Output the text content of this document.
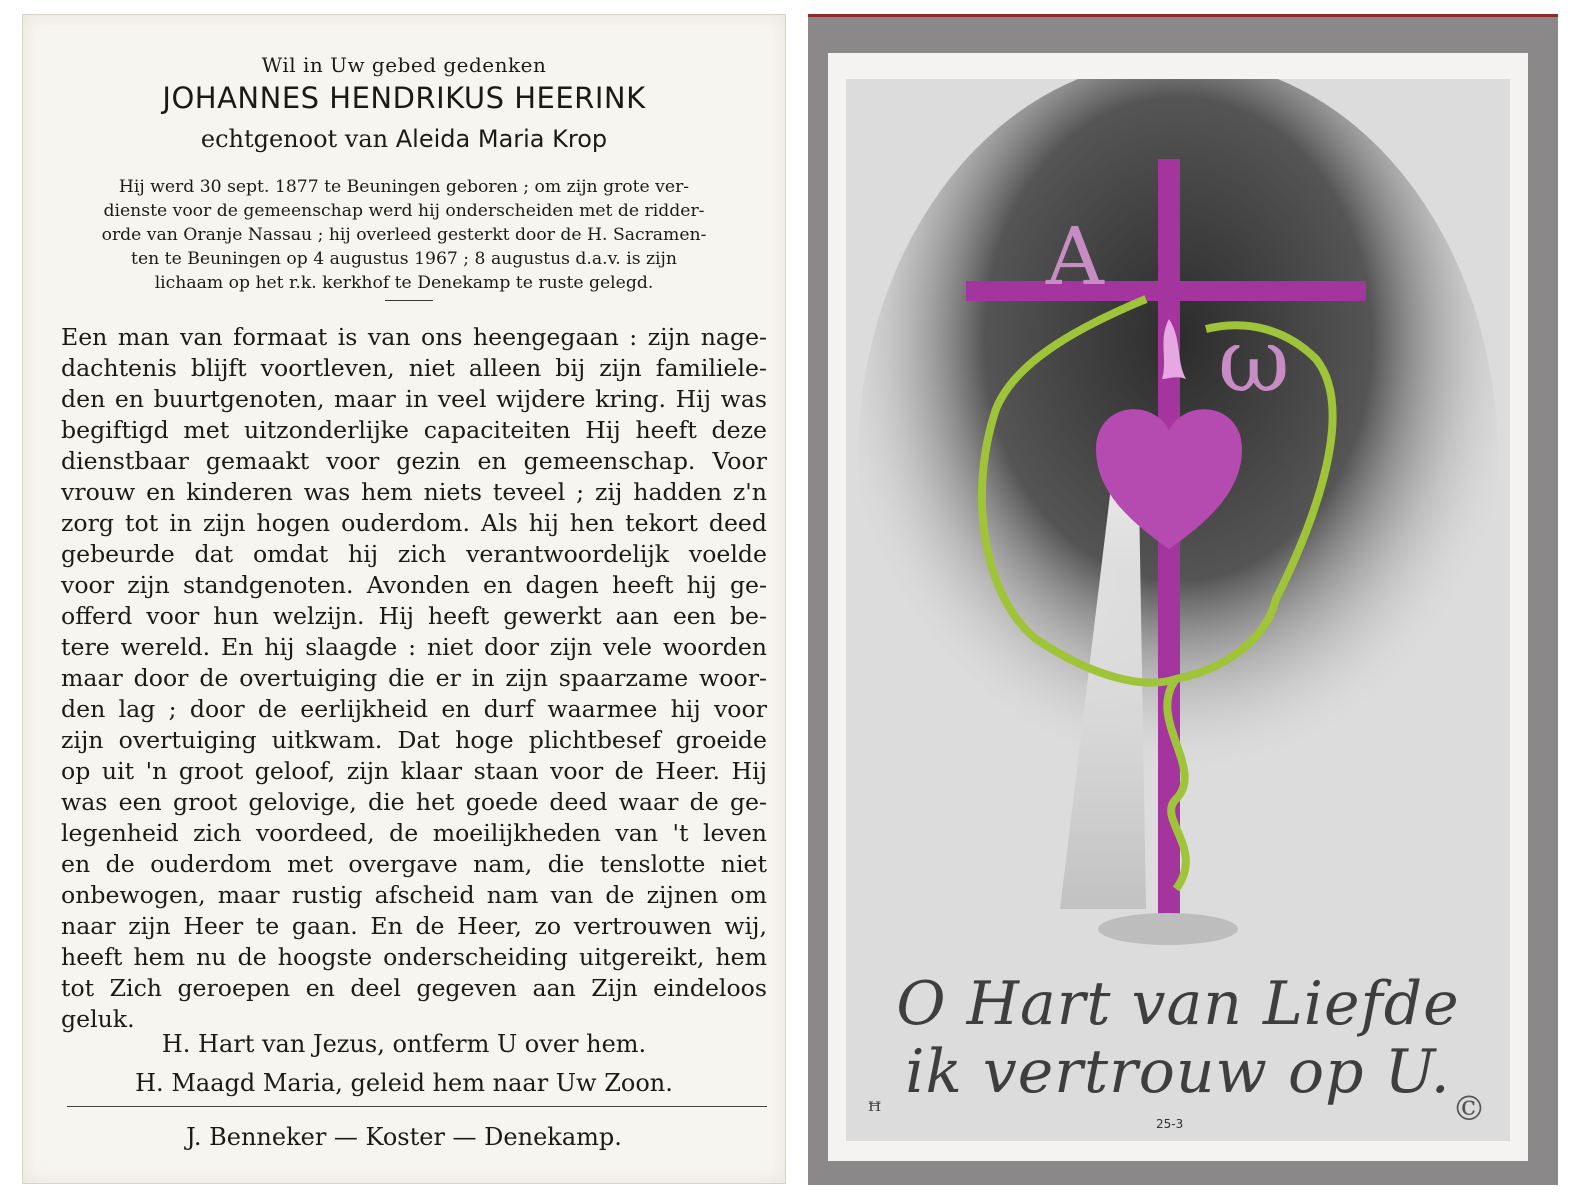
Wil in Uw gebed gedenken
JOHANNES HENDRIKUS HEERINK
echtgenoot van Aleida Maria Krop
Hij werd 30 sept. 1877 te Beuningen geboren ; om zijn grote ver-
dienste voor de gemeenschap werd hij onderscheiden met de ridder-
orde van Oranje Nassau ; hij overleed gesterkt door de H. Sacramen-
ten te Beuningen op 4 augustus 1967 ; 8 augustus d.a.v. is zijn
lichaam op het r.k. kerkhof te Denekamp te ruste gelegd.
Een man van formaat is van ons heengegaan : zijn nage-
dachtenis blijft voortleven, niet alleen bij zijn familiele-
den en buurtgenoten, maar in veel wijdere kring. Hij was
begiftigd met uitzonderlijke capaciteiten Hij heeft deze
dienstbaar gemaakt voor gezin en gemeenschap. Voor
vrouw en kinderen was hem niets teveel ; zij hadden z'n
zorg tot in zijn hogen ouderdom. Als hij hen tekort deed
gebeurde dat omdat hij zich verantwoordelijk voelde
voor zijn standgenoten. Avonden en dagen heeft hij ge-
offerd voor hun welzijn. Hij heeft gewerkt aan een be-
tere wereld. En hij slaagde : niet door zijn vele woorden
maar door de overtuiging die er in zijn spaarzame woor-
den lag ; door de eerlijkheid en durf waarmee hij voor
zijn overtuiging uitkwam. Dat hoge plichtbesef groeide
op uit 'n groot geloof, zijn klaar staan voor de Heer. Hij
was een groot gelovige, die het goede deed waar de ge-
legenheid zich voordeed, de moeilijkheden van 't leven
en de ouderdom met overgave nam, die tenslotte niet
onbewogen, maar rustig afscheid nam van de zijnen om
naar zijn Heer te gaan. En de Heer, zo vertrouwen wij,
heeft hem nu de hoogste onderscheiding uitgereikt, hem
tot Zich geroepen en deel gegeven aan Zijn eindeloos
geluk.
H. Hart van Jezus, ontferm U over hem.
H. Maagd Maria, geleid hem naar Uw Zoon.
J. Benneker — Koster — Denekamp.
A
ω
O Hart van Liefde
ik vertrouw op U.
25-3
ꟸ	©
